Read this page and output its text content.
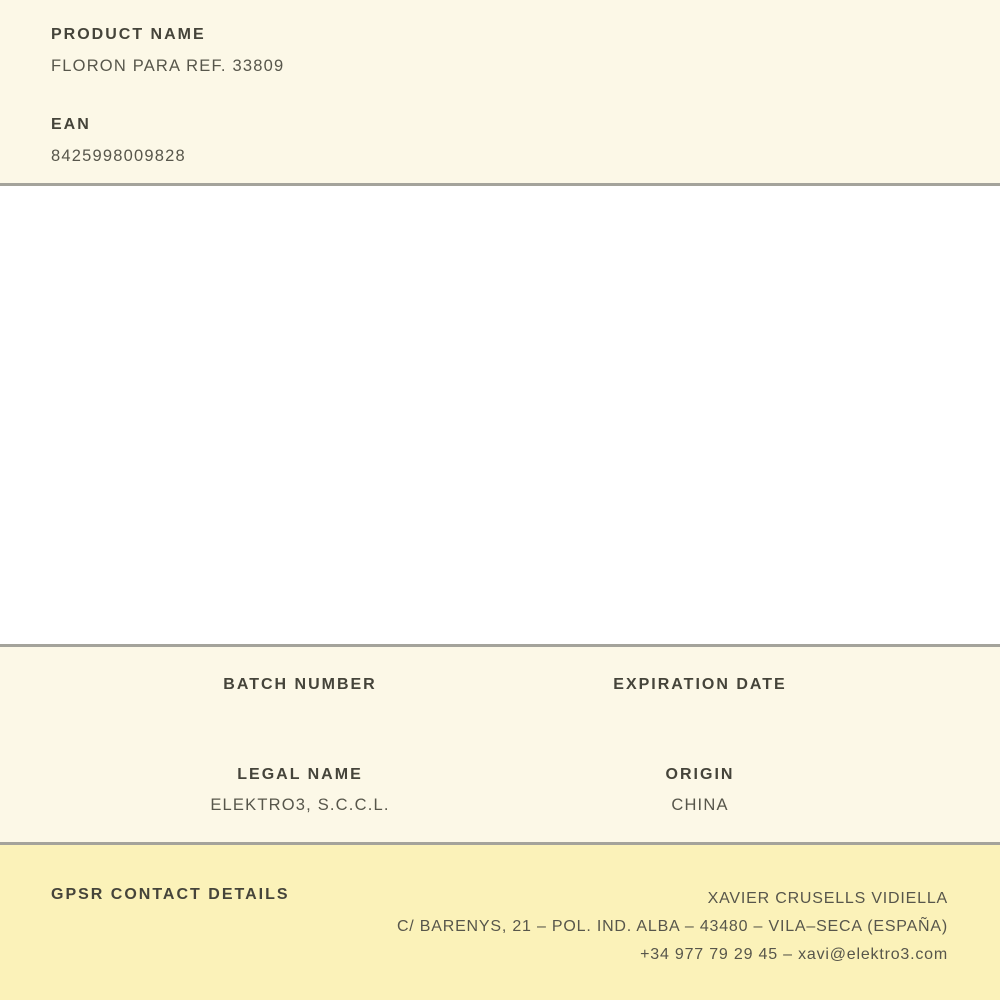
PRODUCT NAME
FLORON PARA REF. 33809
EAN
8425998009828
BATCH NUMBER	EXPIRATION DATE
LEGAL NAME
ELEKTRO3, S.C.C.L.
ORIGIN
CHINA
GPSR CONTACT DETAILS	XAVIER CRUSELLS VIDIELLA
C/ BARENYS, 21 – POL. IND. ALBA – 43480 – VILA–SECA (ESPAÑA)
+34 977 79 29 45 – xavi@elektro3.com
